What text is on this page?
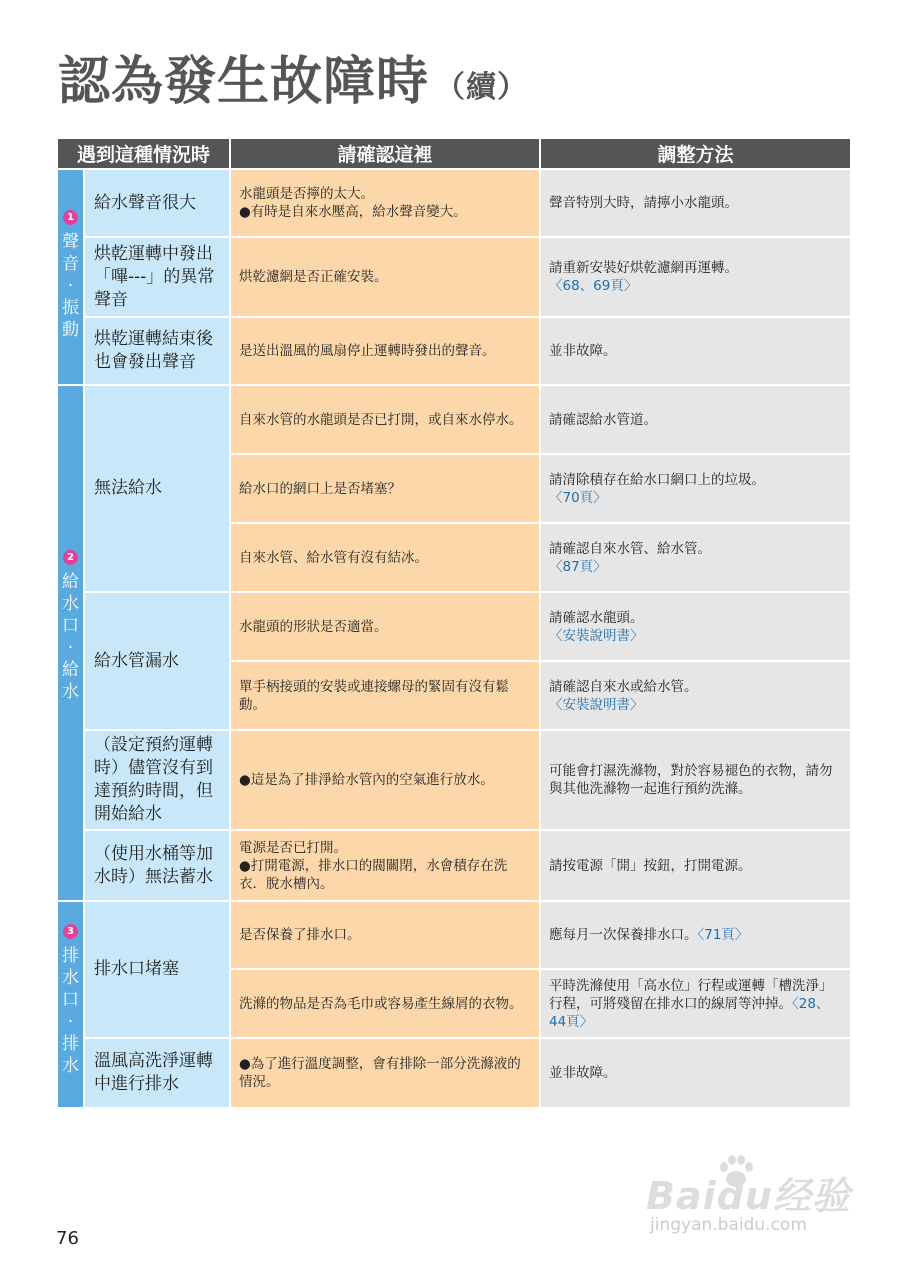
認為發生故障時 （續）
遇到這種情況時	請確認這裡	調整方法
1
聲
音
·
振
動
2
給
水
口
·
給
水
3
排
水
口
·
排
水
給水聲音很大
烘乾運轉中發出「嗶---」的異常聲音
烘乾運轉結束後也會發出聲音
無法給水
給水管漏水
（設定預約運轉時）儘管沒有到達預約時間，但開始給水
（使用水桶等加水時）無法蓄水
排水口堵塞
溫風高洗淨運轉中進行排水
水龍頭是否擰的太大。
●有時是自來水壓高，給水聲音變大。
烘乾濾網是否正確安裝。
是送出溫風的風扇停止運轉時發出的聲音。
自來水管的水龍頭是否已打開，或自來水停水。
給水口的網口上是否堵塞？
自來水管、給水管有沒有結冰。
水龍頭的形狀是否適當。
單手柄接頭的安裝或連接螺母的緊固有沒有鬆動。
●這是為了排淨給水管內的空氣進行放水。
電源是否已打開。
●打開電源，排水口的閥關閉，水會積存在洗衣．脫水槽內。
是否保養了排水口。
洗滌的物品是否為毛巾或容易產生線屑的衣物。
●為了進行溫度調整，會有排除一部分洗滌液的情況。
聲音特別大時，請擰小水龍頭。
請重新安裝好烘乾濾網再運轉。
〈68、69頁〉
並非故障。
請確認給水管道。
請清除積存在給水口網口上的垃圾。
〈70頁〉
請確認自來水管、給水管。
〈87頁〉
請確認水龍頭。
〈安裝說明書〉
請確認自來水或給水管。
〈安裝說明書〉
可能會打濕洗滌物，對於容易褪色的衣物，請勿與其他洗滌物一起進行預約洗滌。
請按電源「開」按鈕，打開電源。
應每月一次保養排水口。〈71頁〉
平時洗滌使用「高水位」行程或運轉「槽洗淨」行程，可將殘留在排水口的線屑等沖掉。〈28、44頁〉
並非故障。
76
Baidu经验
jingyan.baidu.com
